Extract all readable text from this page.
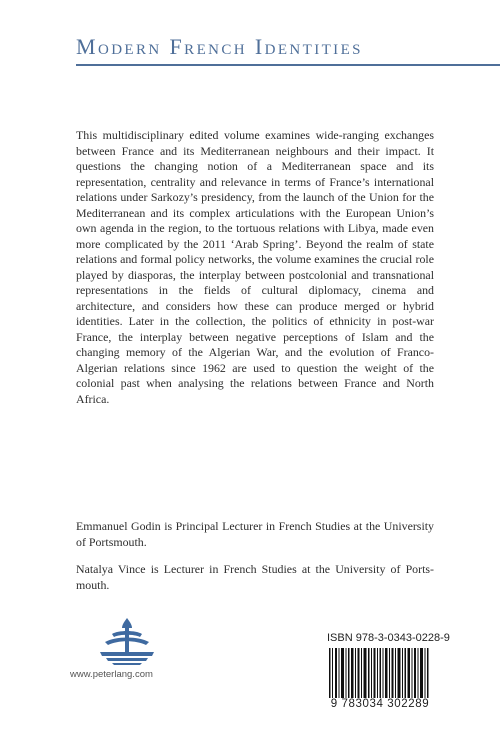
Modern French Identities
This multidisciplinary edited volume examines wide-ranging exchanges between France and its Mediterranean neighbours and their impact. It questions the changing notion of a Mediterranean space and its representation, centrality and relevance in terms of France’s international relations under Sarkozy’s presidency, from the launch of the Union for the Mediterranean and its complex articulations with the European Union’s own agenda in the region, to the tortuous relations with Libya, made even more complicated by the 2011 ‘Arab Spring’. Beyond the realm of state relations and formal policy networks, the volume examines the crucial role played by diasporas, the interplay between postcolonial and transnational representations in the fields of cultural diplomacy, cinema and architecture, and considers how these can produce merged or hybrid identities. Later in the collection, the politics of ethnicity in post-war France, the interplay between negative perceptions of Islam and the changing memory of the Algerian War, and the evolution of Franco-Algerian relations since 1962 are used to question the weight of the colonial past when analysing the relations between France and North Africa.
Emmanuel Godin is Principal Lecturer in French Studies at the University of Portsmouth.
Natalya Vince is Lecturer in French Studies at the University of Portsmouth.
www.peterlang.com
ISBN 978-3-0343-0228-9
9 783034 302289
